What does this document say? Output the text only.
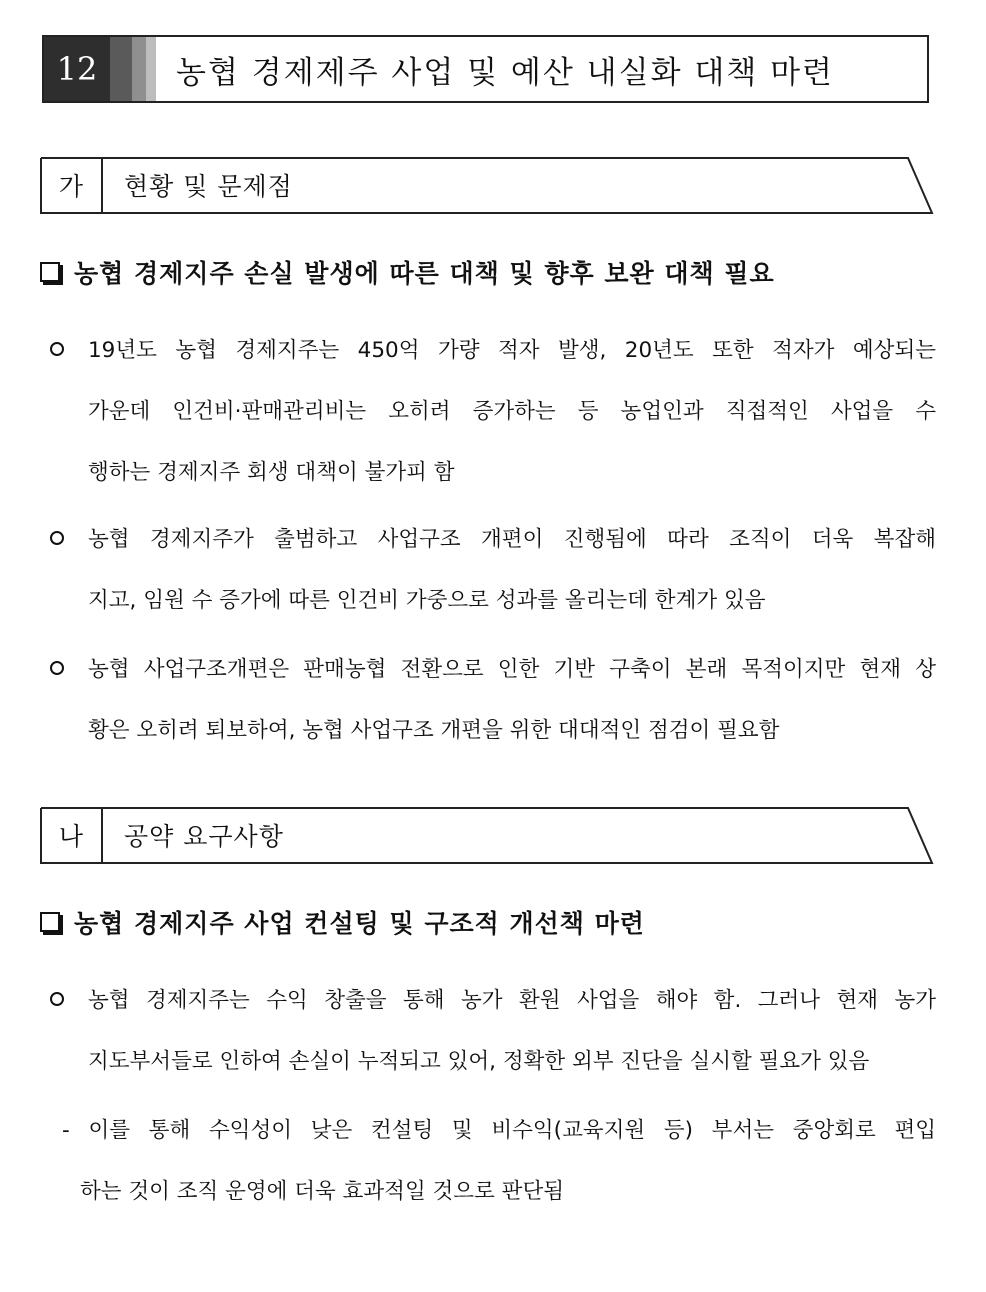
12	농협 경제제주 사업 및 예산 내실화 대책 마련
가	현황 및 문제점
농협 경제지주 손실 발생에 따른 대책 및 향후 보완 대책 필요
19년도 농협 경제지주는 450억 가량 적자 발생, 20년도 또한 적자가 예상되는
가운데 인건비·판매관리비는 오히려 증가하는 등 농업인과 직접적인 사업을 수
행하는 경제지주 회생 대책이 불가피 함
농협 경제지주가 출범하고 사업구조 개편이 진행됨에 따라 조직이 더욱 복잡해
지고, 임원 수 증가에 따른 인건비 가중으로 성과를 올리는데 한계가 있음
농협 사업구조개편은 판매농협 전환으로 인한 기반 구축이 본래 목적이지만 현재 상
황은 오히려 퇴보하여, 농협 사업구조 개편을 위한 대대적인 점검이 필요함
나	공약 요구사항
농협 경제지주 사업 컨설팅 및 구조적 개선책 마련
농협 경제지주는 수익 창출을 통해 농가 환원 사업을 해야 함. 그러나 현재 농가
지도부서들로 인하여 손실이 누적되고 있어, 정확한 외부 진단을 실시할 필요가 있음
- 이를 통해 수익성이 낮은 컨설팅 및 비수익(교육지원 등) 부서는 중앙회로 편입
하는 것이 조직 운영에 더욱 효과적일 것으로 판단됨
